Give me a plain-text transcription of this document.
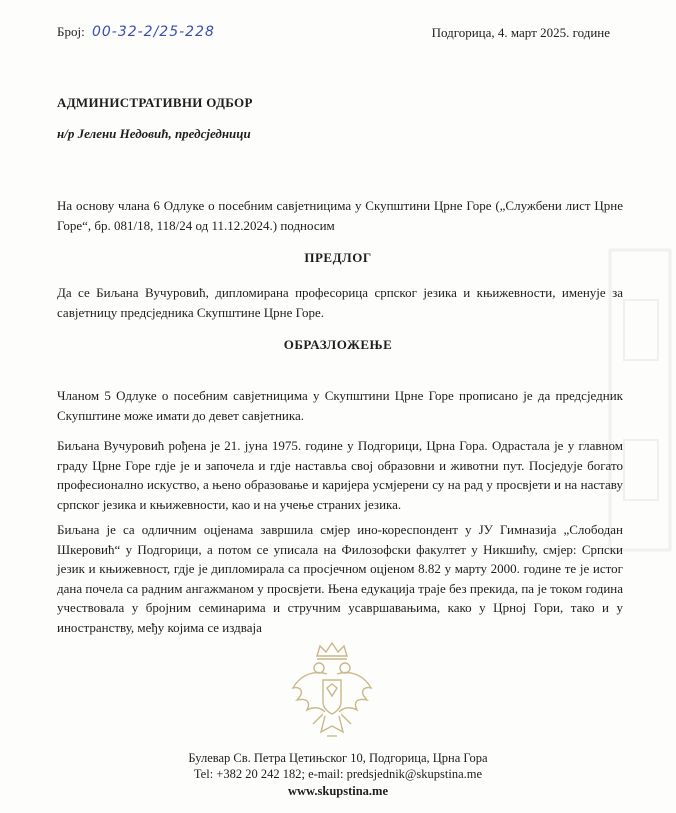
Број: 00-32-2/25-228	Подгорица, 4. март 2025. године
АДМИНИСТРАТИВНИ ОДБОР
н/р Јелени Недовић, предсједници
На основу члана 6 Одлуке о посебним савјетницима у Скупштини Црне Горе („Службени лист Црне Горе“, бр. 081/18, 118/24 од 11.12.2024.) подносим
ПРЕДЛОГ
Да се Биљана Вучуровић, дипломирана професорица српског језика и књижевности, именује за савјетницу предсједника Скупштине Црне Горе.
ОБРАЗЛОЖЕЊЕ
Чланом 5 Одлуке о посебним савјетницима у Скупштини Црне Горе прописано је да предсједник Скупштине може имати до девет савјетника.
Биљана Вучуровић рођена је 21. јуна 1975. године у Подгорици, Црна Гора. Одрастала је у главном граду Црне Горе гдје је и започела и гдје наставља свој образовни и животни пут. Посједује богато професионално искуство, а њено образовање и каријера усмјерени су на рад у просвјети и на наставу српског језика и књижевности, као и на учење страних језика.
Биљана је са одличним оцјенама завршила смјер ино-кореспондент у ЈУ Гимназија „Слободан Шкеровић“ у Подгорици, а потом се уписала на Филозофски факултет у Никшићу, смјер: Српски језик и књижевност, гдје је дипломирала са просјечном оцјеном 8.82 у марту 2000. године те је истог дана почела са радним ангажманом у просвјети. Њена едукација траје без прекида, па је током година учествовала у бројним семинарима и стручним усавршавањима, како у Црној Гори, тако и у иностранству, међу којима се издваја
Булевар Св. Петра Цетињског 10, Подгорица, Црна Гора
Tel: +382 20 242 182; e-mail: predsjednik@skupstina.me
www.skupstina.me
